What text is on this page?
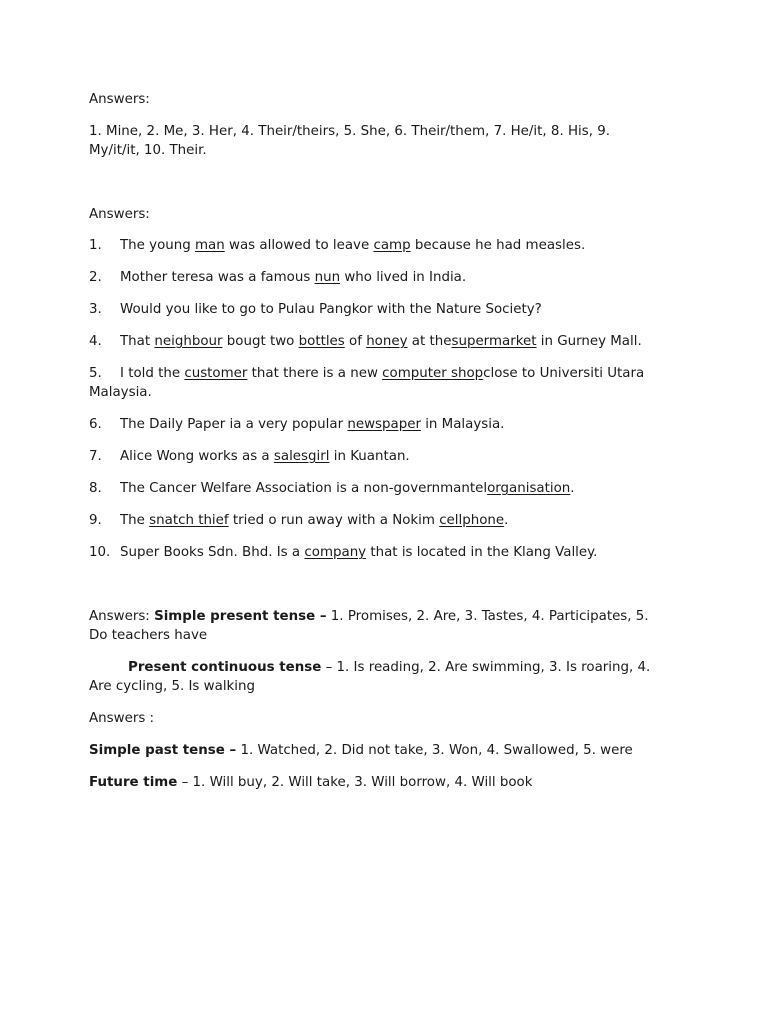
Answers:
1. Mine, 2. Me, 3. Her, 4. Their/theirs, 5. She, 6. Their/them, 7. He/it, 8. His, 9.
My/it/it, 10. Their.
Answers:
1. The young man was allowed to leave camp because he had measles.
2. Mother teresa was a famous nun who lived in India.
3. Would you like to go to Pulau Pangkor with the Nature Society?
4. That neighbour bougt two bottles of honey at thesupermarket in Gurney Mall.
5. I told the customer that there is a new computer shopclose to Universiti Utara
Malaysia.
6. The Daily Paper ia a very popular newspaper in Malaysia.
7. Alice Wong works as a salesgirl in Kuantan.
8. The Cancer Welfare Association is a non-governmantelorganisation.
9. The snatch thief tried o run away with a Nokim cellphone.
10. Super Books Sdn. Bhd. Is a company that is located in the Klang Valley.
Answers: Simple present tense – 1. Promises, 2. Are, 3. Tastes, 4. Participates, 5.
Do teachers have
Present continuous tense – 1. Is reading, 2. Are swimming, 3. Is roaring, 4.
Are cycling, 5. Is walking
Answers :
Simple past tense – 1. Watched, 2. Did not take, 3. Won, 4. Swallowed, 5. were
Future time – 1. Will buy, 2. Will take, 3. Will borrow, 4. Will book
